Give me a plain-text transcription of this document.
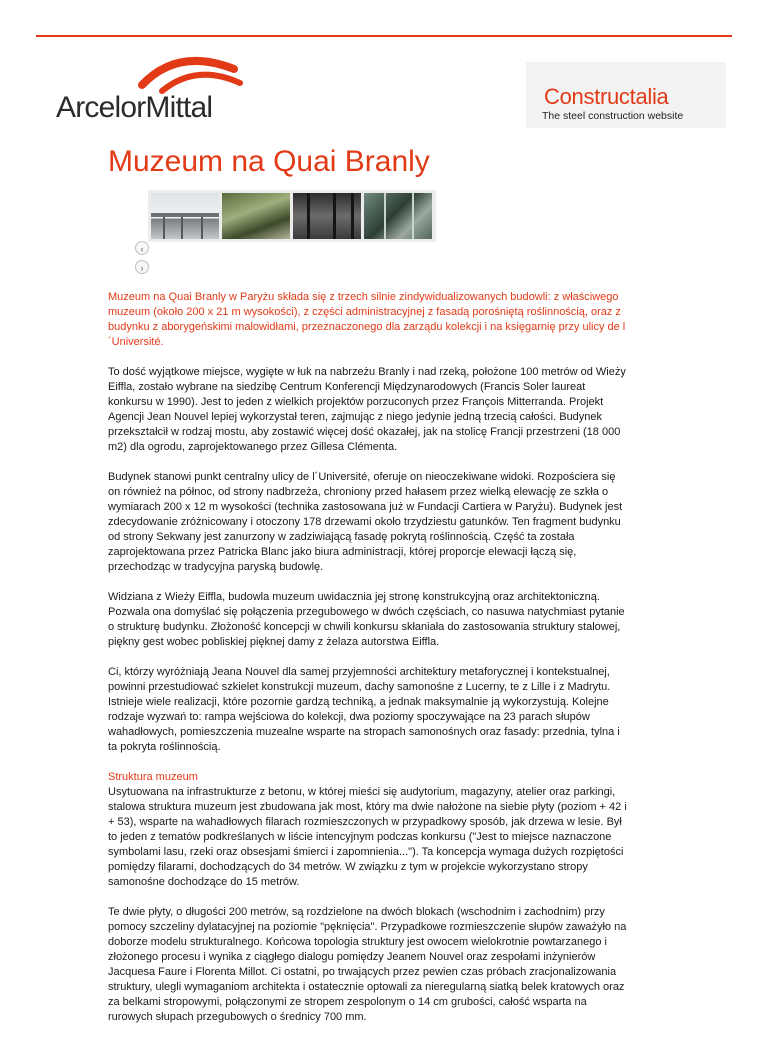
ArcelorMittal	Constructalia
The steel construction website
Muzeum na Quai Branly
‹
›

Muzeum na Quai Branly w Paryżu składa się z trzech silnie zindywidualizowanych budowli: z właściwego muzeum (około 200 x 21 m wysokości), z części administracyjnej z fasadą porośniętą roślinnością, oraz z budynku z aborygeńskimi malowidłami, przeznaczonego dla zarządu kolekcji i na księgarnię przy ulicy de l´Université.

To dość wyjątkowe miejsce, wygięte w łuk na nabrzeżu Branly i nad rzeką, położone 100 metrów od Wieży Eiffla, zostało wybrane na siedzibę Centrum Konferencji Międzynarodowych (Francis Soler laureat konkursu w 1990). Jest to jeden z wielkich projektów porzuconych przez François Mitterranda. Projekt Agencji Jean Nouvel lepiej wykorzystał teren, zajmując z niego jedynie jedną trzecią całości. Budynek przekształcił w rodzaj mostu, aby zostawić więcej dość okazałej, jak na stolicę Francji przestrzeni (18 000 m2) dla ogrodu, zaprojektowanego przez Gillesa Clémenta.

Budynek stanowi punkt centralny ulicy de l´Université, oferuje on nieoczekiwane widoki. Rozpościera się on również na północ, od strony nadbrzeża, chroniony przed hałasem przez wielką elewację ze szkła o wymiarach 200 x 12 m wysokości (technika zastosowana już w Fundacji Cartiera w Paryżu). Budynek jest zdecydowanie zróżnicowany i otoczony 178 drzewami około trzydziestu gatunków. Ten fragment budynku od strony Sekwany jest zanurzony w zadziwiającą fasadę pokrytą roślinnością. Część ta została zaprojektowana przez Patricka Blanc jako biura administracji, której proporcje elewacji łączą się, przechodząc w tradycyjna paryską budowlę.

Widziana z Wieży Eiffla, budowla muzeum uwidacznia jej stronę konstrukcyjną oraz architektoniczną. Pozwala ona domyślać się połączenia przegubowego w dwóch częściach, co nasuwa natychmiast pytanie o strukturę budynku. Złożoność koncepcji w chwili konkursu skłaniała do zastosowania struktury stalowej, piękny gest wobec pobliskiej pięknej damy z żelaza autorstwa Eiffla.

Ci, którzy wyróżniają Jeana Nouvel dla samej przyjemności architektury metaforycznej i kontekstualnej, powinni przestudiować szkielet konstrukcji muzeum, dachy samonośne z Lucerny, te z Lille i z Madrytu. Istnieje wiele realizacji, które pozornie gardzą techniką, a jednak maksymalnie ją wykorzystują. Kolejne rodzaje wyzwań to: rampa wejściowa do kolekcji, dwa poziomy spoczywające na 23 parach słupów wahadłowych, pomieszczenia muzealne wsparte na stropach samonośnych oraz fasady: przednia, tylna i ta pokryta roślinnością.

Struktura muzeum
Usytuowana na infrastrukturze z betonu, w której mieści się audytorium, magazyny, atelier oraz parkingi, stalowa struktura muzeum jest zbudowana jak most, który ma dwie nałożone na siebie płyty (poziom + 42 i + 53), wsparte na wahadłowych filarach rozmieszczonych w przypadkowy sposób, jak drzewa w lesie. Był to jeden z tematów podkreślanych w liście intencyjnym podczas konkursu ("Jest to miejsce naznaczone symbolami lasu, rzeki oraz obsesjami śmierci i zapomnienia..."). Ta koncepcja wymaga dużych rozpiętości pomiędzy filarami, dochodzących do 34 metrów. W związku z tym w projekcie wykorzystano stropy samonośne dochodzące do 15 metrów.

Te dwie płyty, o długości 200 metrów, są rozdzielone na dwóch blokach (wschodnim i zachodnim) przy pomocy szczeliny dylatacyjnej na poziomie "pęknięcia". Przypadkowe rozmieszczenie słupów zaważyło na doborze modelu strukturalnego. Końcowa topologia struktury jest owocem wielokrotnie powtarzanego i złożonego procesu i wynika z ciągłego dialogu pomiędzy Jeanem Nouvel oraz zespołami inżynierów Jacquesa Faure i Florenta Millot. Ci ostatni, po trwających przez pewien czas próbach zracjonalizowania struktury, ulegli wymaganiom architekta i ostatecznie optowali za nieregularną siatką belek kratowych oraz za belkami stropowymi, połączonymi ze stropem zespolonym o 14 cm grubości, całość wsparta na rurowych słupach przegubowych o średnicy 700 mm.
